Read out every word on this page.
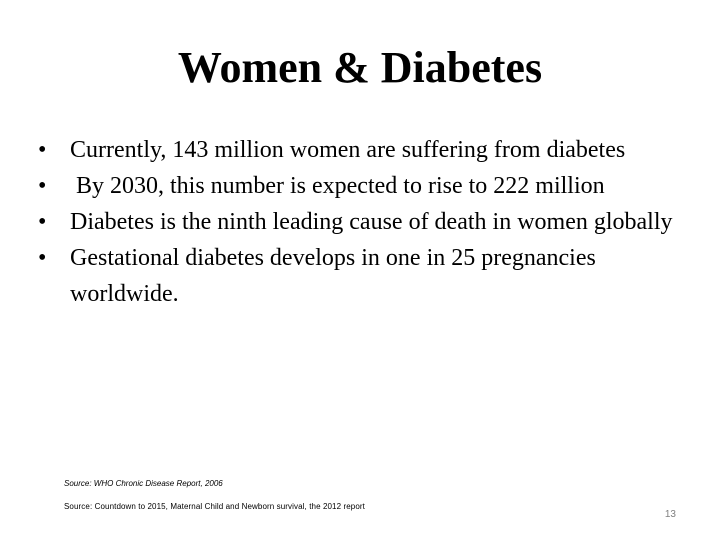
Women & Diabetes
• Currently, 143 million women are suffering from diabetes
• By 2030, this number is expected to rise to 222 million
• Diabetes is the ninth leading cause of death in women globally
• Gestational diabetes develops in one in 25 pregnancies worldwide.
Source: WHO Chronic Disease Report, 2006
Source: Countdown to 2015, Maternal Child and Newborn survival, the 2012 report
13
